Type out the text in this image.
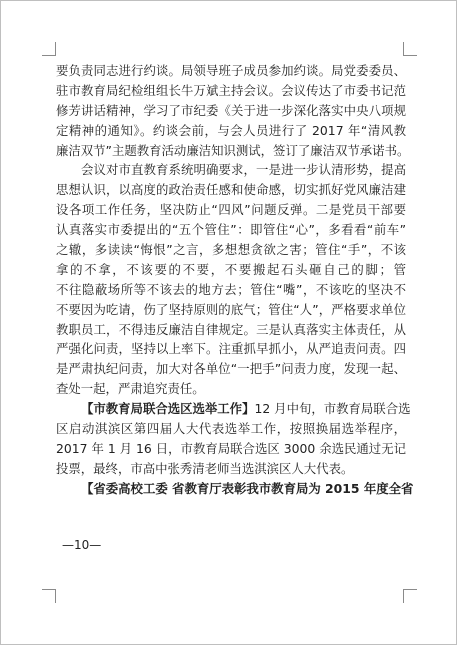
要负责同志进行约谈。局领导班子成员参加约谈。局党委委员、
驻市教育局纪检组组长牛万斌主持会议。会议传达了市委书记范
修芳讲话精神，学习了市纪委《关于进一步深化落实中央八项规
定精神的通知》。约谈会前，与会人员进行了 2017 年“清风教
廉洁双节”主题教育活动廉洁知识测试，签订了廉洁双节承诺书。
会议对市直教育系统明确要求，一是进一步认清形势，提高
思想认识，以高度的政治责任感和使命感，切实抓好党风廉洁建
设各项工作任务，坚决防止“四风”问题反弹。二是党员干部要
认真落实市委提出的“五个管住”：即管住“心”，多看看“前车”
之辙，多读读“悔恨”之言，多想想贪欲之害；管住“手”，不该
拿的不拿，不该要的不要，不要搬起石头砸自己的脚；管
不往隐蔽场所等不该去的地方去；管住“嘴”，不该吃的坚决不
不要因为吃请，伤了坚持原则的底气；管住“人”，严格要求单位
教职员工，不得违反廉洁自律规定。三是认真落实主体责任，从
严强化问责，坚持以上率下。注重抓早抓小，从严追责问责。四
是严肃执纪问责，加大对各单位“一把手”问责力度，发现一起、
查处一起，严肃追究责任。
【市教育局联合选区选举工作】12 月中旬，市教育局联合选
区启动淇滨区第四届人大代表选举工作，按照换届选举程序，
2017 年 1 月 16 日，市教育局联合选区 3000 余选民通过无记
投票，最终，市高中张秀清老师当选淇滨区人大代表。
【省委高校工委 省教育厅表彰我市教育局为 2015 年度全省
—10—
